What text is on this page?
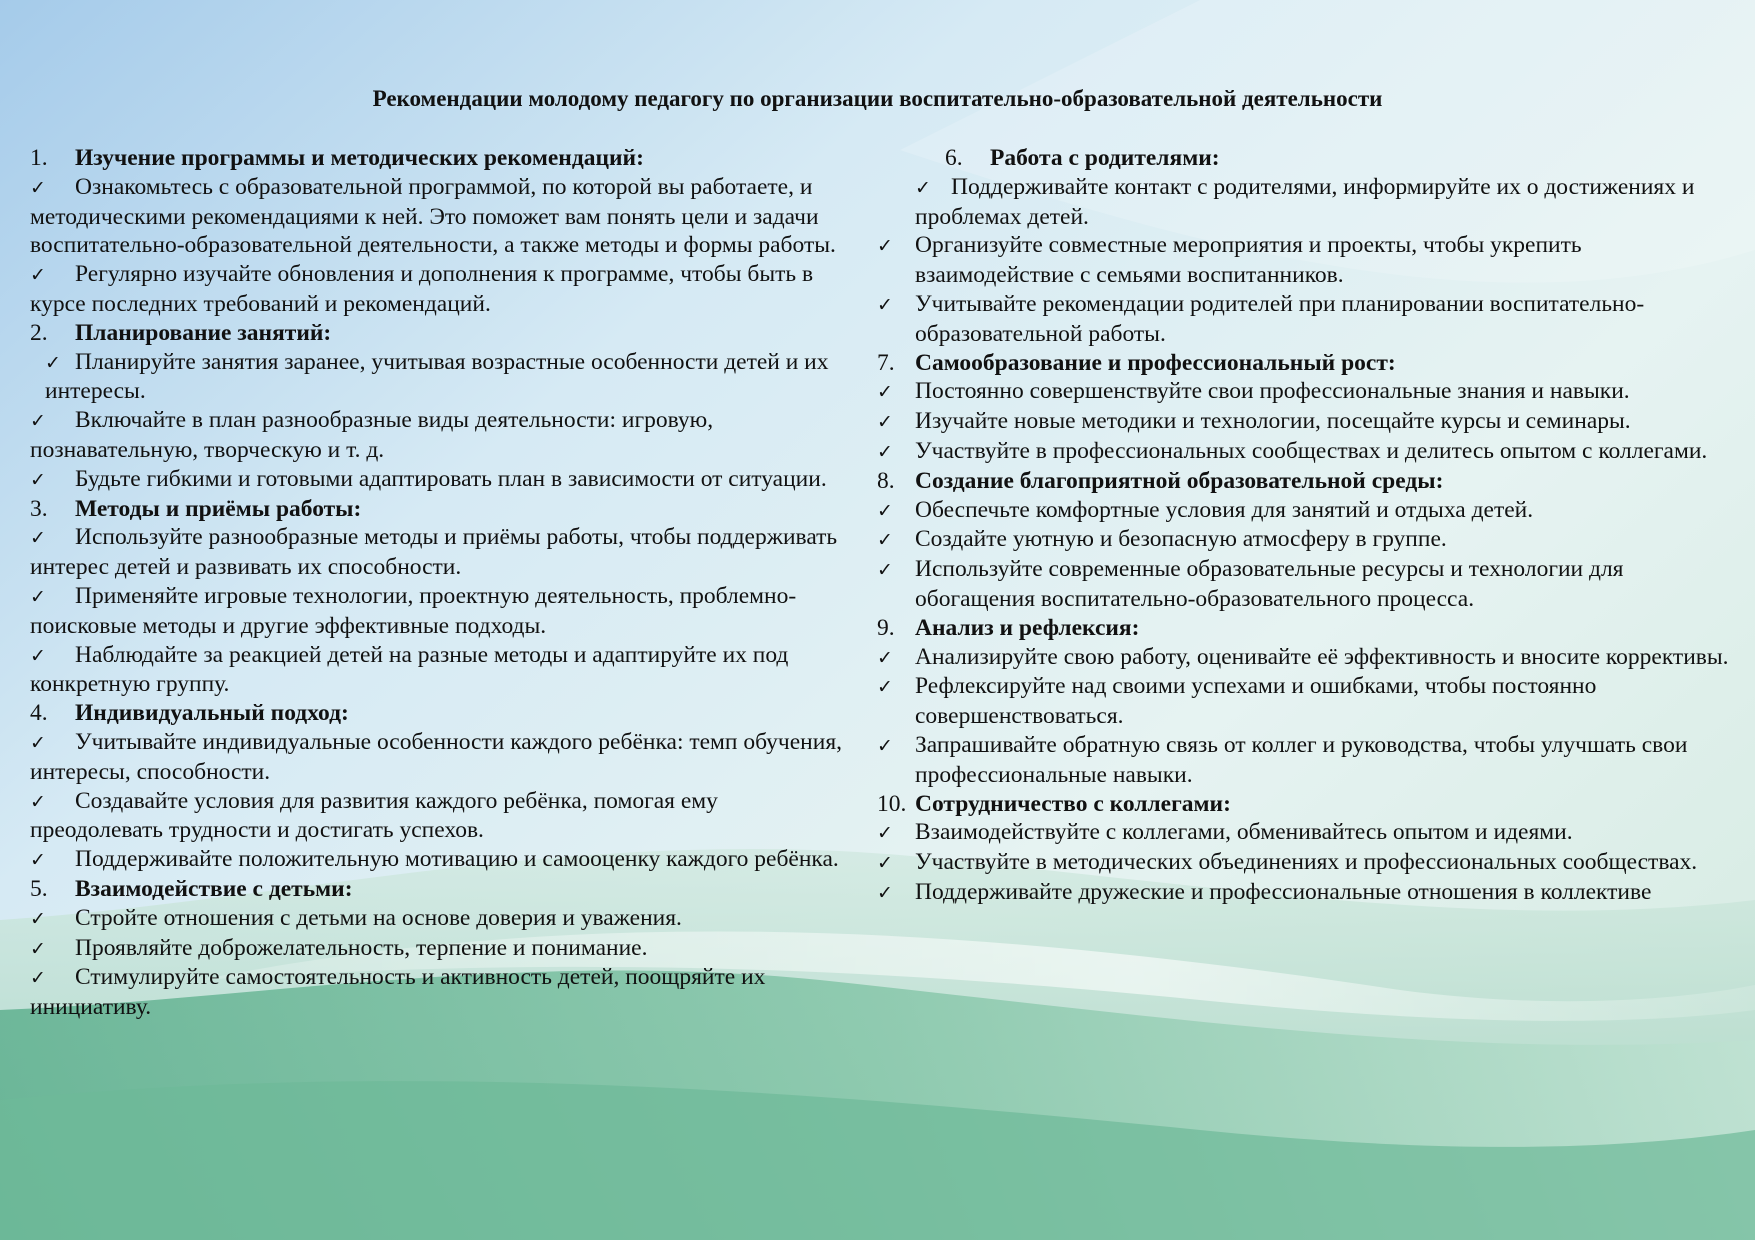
Рекомендации молодому педагогу по организации воспитательно-образовательной деятельности
1.	Изучение программы и методических рекомендаций:
✓ Ознакомьтесь с образовательной программой, по которой вы работаете, и методическими рекомендациями к ней. Это поможет вам понять цели и задачи воспитательно-образовательной деятельности, а также методы и формы работы.
✓ Регулярно изучайте обновления и дополнения к программе, чтобы быть в курсе последних требований и рекомендаций.
2.	Планирование занятий:
✓ Планируйте занятия заранее, учитывая возрастные особенности детей и их интересы.
✓ Включайте в план разнообразные виды деятельности: игровую, познавательную, творческую и т. д.
✓ Будьте гибкими и готовыми адаптировать план в зависимости от ситуации.
3.	Методы и приёмы работы:
✓ Используйте разнообразные методы и приёмы работы, чтобы поддерживать интерес детей и развивать их способности.
✓ Применяйте игровые технологии, проектную деятельность, проблемно-поисковые методы и другие эффективные подходы.
✓ Наблюдайте за реакцией детей на разные методы и адаптируйте их под конкретную группу.
4.	Индивидуальный подход:
✓ Учитывайте индивидуальные особенности каждого ребёнка: темп обучения, интересы, способности.
✓ Создавайте условия для развития каждого ребёнка, помогая ему преодолевать трудности и достигать успехов.
✓ Поддерживайте положительную мотивацию и самооценку каждого ребёнка.
5.	Взаимодействие с детьми:
✓ Стройте отношения с детьми на основе доверия и уважения.
✓ Проявляйте доброжелательность, терпение и понимание.
✓ Стимулируйте самостоятельность и активность детей, поощряйте их инициативу.
6.	Работа с родителями:
✓ Поддерживайте контакт с родителями, информируйте их о достижениях и проблемах детей.
✓ Организуйте совместные мероприятия и проекты, чтобы укрепить взаимодействие с семьями воспитанников.
✓ Учитывайте рекомендации родителей при планировании воспитательно-образовательной работы.
7. Самообразование и профессиональный рост:
✓ Постоянно совершенствуйте свои профессиональные знания и навыки.
✓ Изучайте новые методики и технологии, посещайте курсы и семинары.
✓ Участвуйте в профессиональных сообществах и делитесь опытом с коллегами.
8. Создание благоприятной образовательной среды:
✓ Обеспечьте комфортные условия для занятий и отдыха детей.
✓ Создайте уютную и безопасную атмосферу в группе.
✓ Используйте современные образовательные ресурсы и технологии для обогащения воспитательно-образовательного процесса.
9. Анализ и рефлексия:
✓ Анализируйте свою работу, оценивайте её эффективность и вносите коррективы.
✓ Рефлексируйте над своими успехами и ошибками, чтобы постоянно совершенствоваться.
✓ Запрашивайте обратную связь от коллег и руководства, чтобы улучшать свои профессиональные навыки.
10. Сотрудничество с коллегами:
✓ Взаимодействуйте с коллегами, обменивайтесь опытом и идеями.
✓ Участвуйте в методических объединениях и профессиональных сообществах.
✓ Поддерживайте дружеские и профессиональные отношения в коллективе
